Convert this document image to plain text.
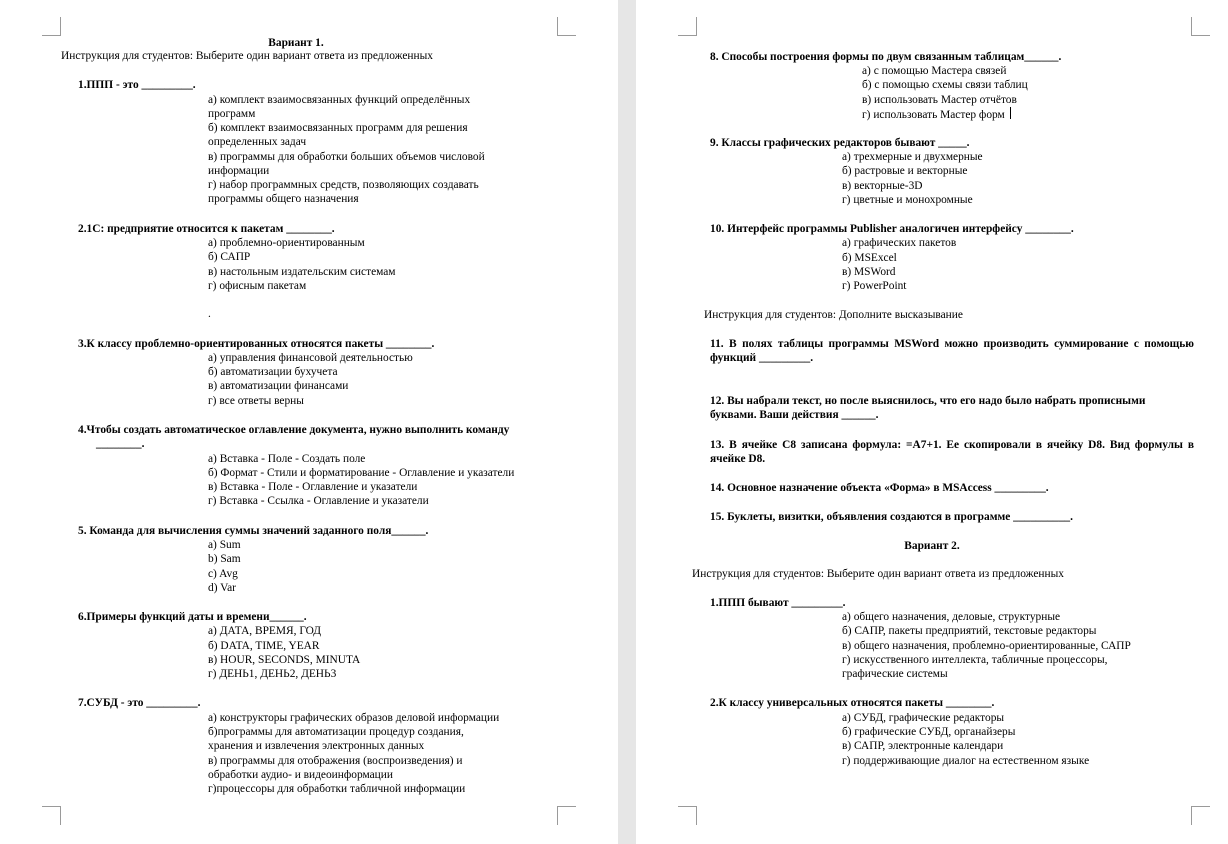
Вариант 1.
Инструкция для студентов: Выберите один вариант ответа из предложенных
1.ППП - это _________.
а) комплект взаимосвязанных функций определённых
программ
б) комплект взаимосвязанных программ для решения
определенных задач
в) программы для обработки больших объемов числовой
информации
г) набор программных средств, позволяющих создавать
программы общего назначения
2.1С: предприятие относится к пакетам ________.
а) проблемно-ориентированным
б) САПР
в) настольным издательским системам
г) офисным пакетам
.
3.К классу проблемно-ориентированных относятся пакеты ________.
а) управления финансовой деятельностью
б) автоматизации бухучета
в) автоматизации финансами
г) все ответы верны
4.Чтобы создать автоматическое оглавление документа, нужно выполнить команду
________.
а) Вставка - Поле - Создать поле
б) Формат - Стили и форматирование - Оглавление и указатели
в) Вставка - Поле - Оглавление и указатели
г) Вставка - Ссылка - Оглавление и указатели
5. Команда для вычисления суммы значений заданного поля______.
a) Sum
b) Sam
c) Avg
d) Var
6.Примеры функций даты и времени______.
а) ДАТА, ВРЕМЯ, ГОД
б) DATA, TIME, YEAR
в) HOUR, SECONDS, MINUTA
г) ДЕНЬ1, ДЕНЬ2, ДЕНЬ3
7.СУБД - это _________.
а) конструкторы графических образов деловой информации
б)программы для автоматизации процедур создания,
хранения и извлечения электронных данных
в) программы для отображения (воспроизведения) и
обработки аудио- и видеоинформации
г)процессоры для обработки табличной информации
8. Способы построения формы по двум связанным таблицам______.
а) с помощью Мастера связей
б) с помощью схемы связи таблиц
в) использовать Мастер отчётов
г) использовать Мастер форм
9. Классы графических редакторов бывают _____.
а) трехмерные и двухмерные
б) растровые и векторные
в) векторные-3D
г) цветные и монохромные
10. Интерфейс программы Publisher аналогичен интерфейсу ________.
а) графических пакетов
б) MSExcel
в) MSWord
г) PowerPoint
Инструкция для студентов: Дополните высказывание
11. В полях таблицы программы MSWord можно производить суммирование с помощью функций _________.
12. Вы набрали текст, но после выяснилось, что его надо было набрать прописными буквами. Ваши действия ______.
13. В ячейке С8 записана формула: =A7+1. Ее скопировали в ячейку D8. Вид формулы в ячейке D8.
14. Основное назначение объекта «Форма» в MSAccess _________.
15. Буклеты, визитки, объявления создаются в программе __________.
Вариант 2.
Инструкция для студентов: Выберите один вариант ответа из предложенных
1.ППП бывают _________.
а) общего назначения, деловые, структурные
б) САПР, пакеты предприятий, текстовые редакторы
в) общего назначения, проблемно-ориентированные, САПР
г) искусственного интеллекта, табличные процессоры,
графические системы
2.К классу универсальных относятся пакеты ________.
а) СУБД, графические редакторы
б) графические СУБД, органайзеры
в) САПР, электронные календари
г) поддерживающие диалог на естественном языке
